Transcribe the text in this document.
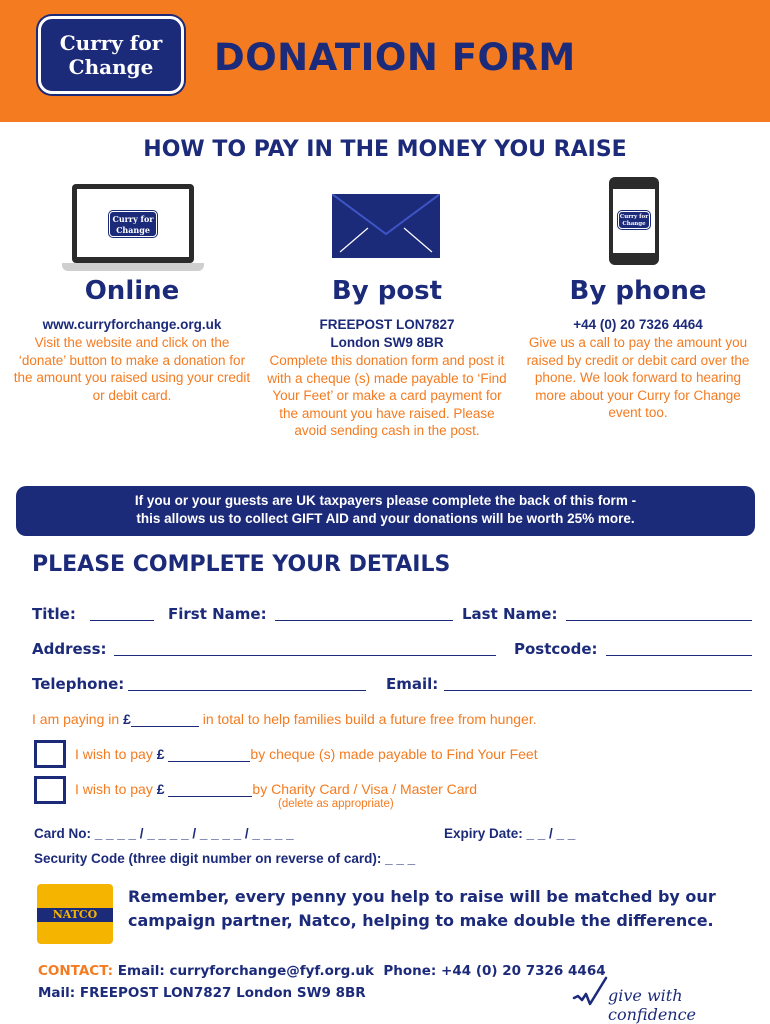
Curry for
Change DONATION FORM
HOW TO PAY IN THE MONEY YOU RAISE
Curry for
Change
Curry for
Change
Online
www.curryforchange.org.uk
Visit the website and click on the ‘donate’ button to make a donation for the amount you raised using your credit or debit card.
By post
FREEPOST LON7827
London SW9 8BR
Complete this donation form and post it with a cheque (s) made payable to ‘Find Your Feet’ or make a card payment for the amount you have raised. Please avoid sending cash in the post.
By phone
+44 (0) 20 7326 4464
Give us a call to pay the amount you raised by credit or debit card over the phone. We look forward to hearing more about your Curry for Change event too.
If you or your guests are UK taxpayers please complete the back of this form -
this allows us to collect GIFT AID and your donations will be worth 25% more.
PLEASE COMPLETE YOUR DETAILS
Title:	First Name:	Last Name:
Address:	Postcode:
Telephone:	Email:
I am paying in £	in total to help families build a future free from hunger.
I wish to pay £	by cheque (s) made payable to Find Your Feet
I wish to pay £	by Charity Card / Visa / Master Card
(delete as appropriate)
Card No: _ _ _ _ / _ _ _ _ / _ _ _ _ / _ _ _ _	Expiry Date: _ _ / _ _
Security Code (three digit number on reverse of card): _ _ _
NATCO
Remember, every penny you help to raise will be matched by our
campaign partner, Natco, helping to make double the difference.
CONTACT: Email: curryforchange@fyf.org.uk Phone: +44 (0) 20 7326 4464
Mail: FREEPOST LON7827 London SW9 8BR	give with confidence
